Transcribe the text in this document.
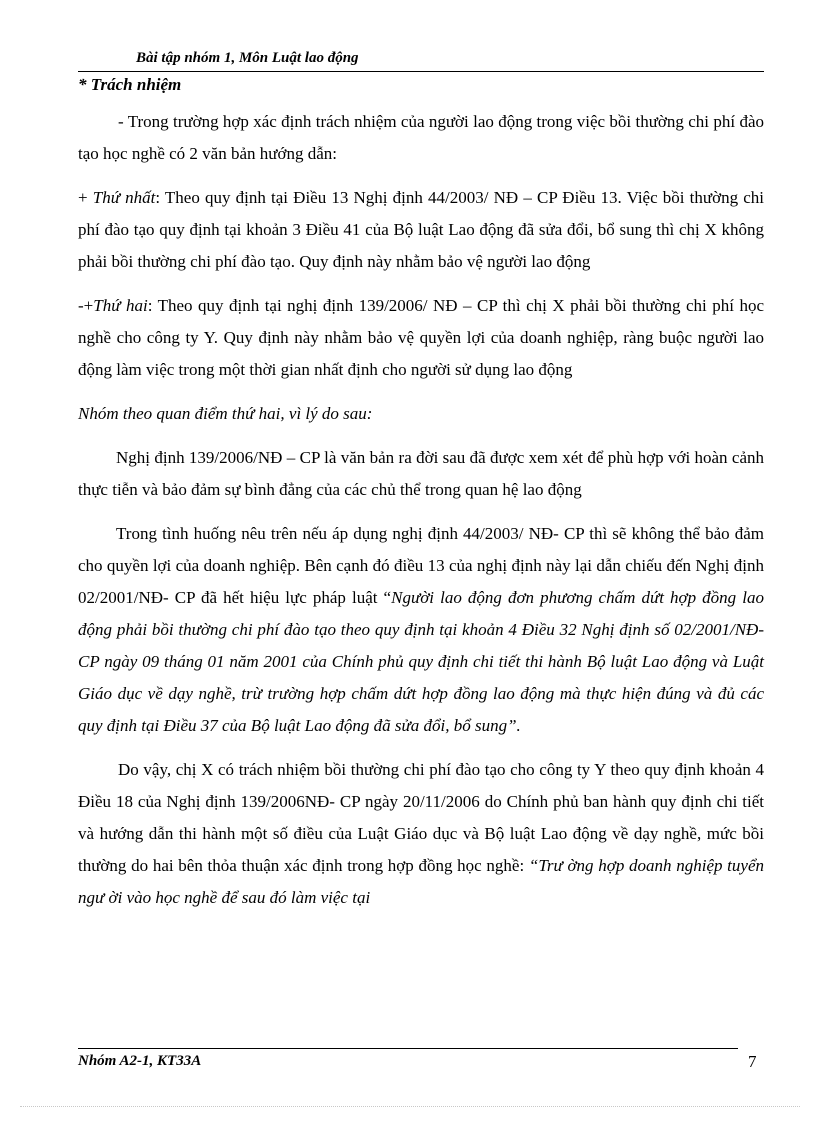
Bài tập nhóm 1, Môn Luật lao động
* Trách nhiệm

- Trong trường hợp xác định trách nhiệm của người lao động trong việc bồi thường chi phí đào tạo học nghề có 2 văn bản hướng dẫn:

+ Thứ nhất: Theo quy định tại Điều 13 Nghị định 44/2003/ NĐ – CP Điều 13. Việc bồi thường chi phí đào tạo quy định tại khoản 3 Điều 41 của Bộ luật Lao động đã sửa đổi, bổ sung thì chị X không phải bồi thường chi phí đào tạo. Quy định này nhằm bảo vệ người lao động

-+Thứ hai: Theo quy định tại nghị định 139/2006/ NĐ – CP thì chị X phải bồi thường chi phí học nghề cho công ty Y. Quy định này nhằm bảo vệ quyền lợi của doanh nghiệp, ràng buộc người lao động làm việc trong một thời gian nhất định cho người sử dụng lao động

Nhóm theo quan điểm thứ hai, vì lý do sau:

Nghị định 139/2006/NĐ – CP là văn bản ra đời sau đã được xem xét để phù hợp với hoàn cảnh thực tiễn và bảo đảm sự bình đẳng của các chủ thể trong quan hệ lao động

Trong tình huống nêu trên nếu áp dụng nghị định 44/2003/ NĐ- CP thì sẽ không thể bảo đảm cho quyền lợi của doanh nghiệp. Bên cạnh đó điều 13 của nghị định này lại dẫn chiếu đến Nghị định 02/2001/NĐ- CP đã hết hiệu lực pháp luật “Người lao động đơn phương chấm dứt hợp đồng lao động phải bồi thường chi phí đào tạo theo quy định tại khoản 4 Điều 32 Nghị định số 02/2001/NĐ-CP ngày 09 tháng 01 năm 2001 của Chính phủ quy định chi tiết thi hành Bộ luật Lao động và Luật Giáo dục về dạy nghề, trừ trường hợp chấm dứt hợp đồng lao động mà thực hiện đúng và đủ các quy định tại Điều 37 của Bộ luật Lao động đã sửa đổi, bổ sung”.

Do vậy, chị X có trách nhiệm bồi thường chi phí đào tạo cho công ty Y theo quy định khoản 4 Điều 18 của Nghị định 139/2006NĐ- CP ngày 20/11/2006 do Chính phủ ban hành quy định chi tiết và hướng dẫn thi hành một số điều của Luật Giáo dục và Bộ luật Lao động về dạy nghề, mức bồi thường do hai bên thỏa thuận xác định trong hợp đồng học nghề: “Trư ờng hợp doanh nghiệp tuyển ngư ời vào học nghề để sau đó làm việc tại

Nhóm A2-1, KT33A	7
